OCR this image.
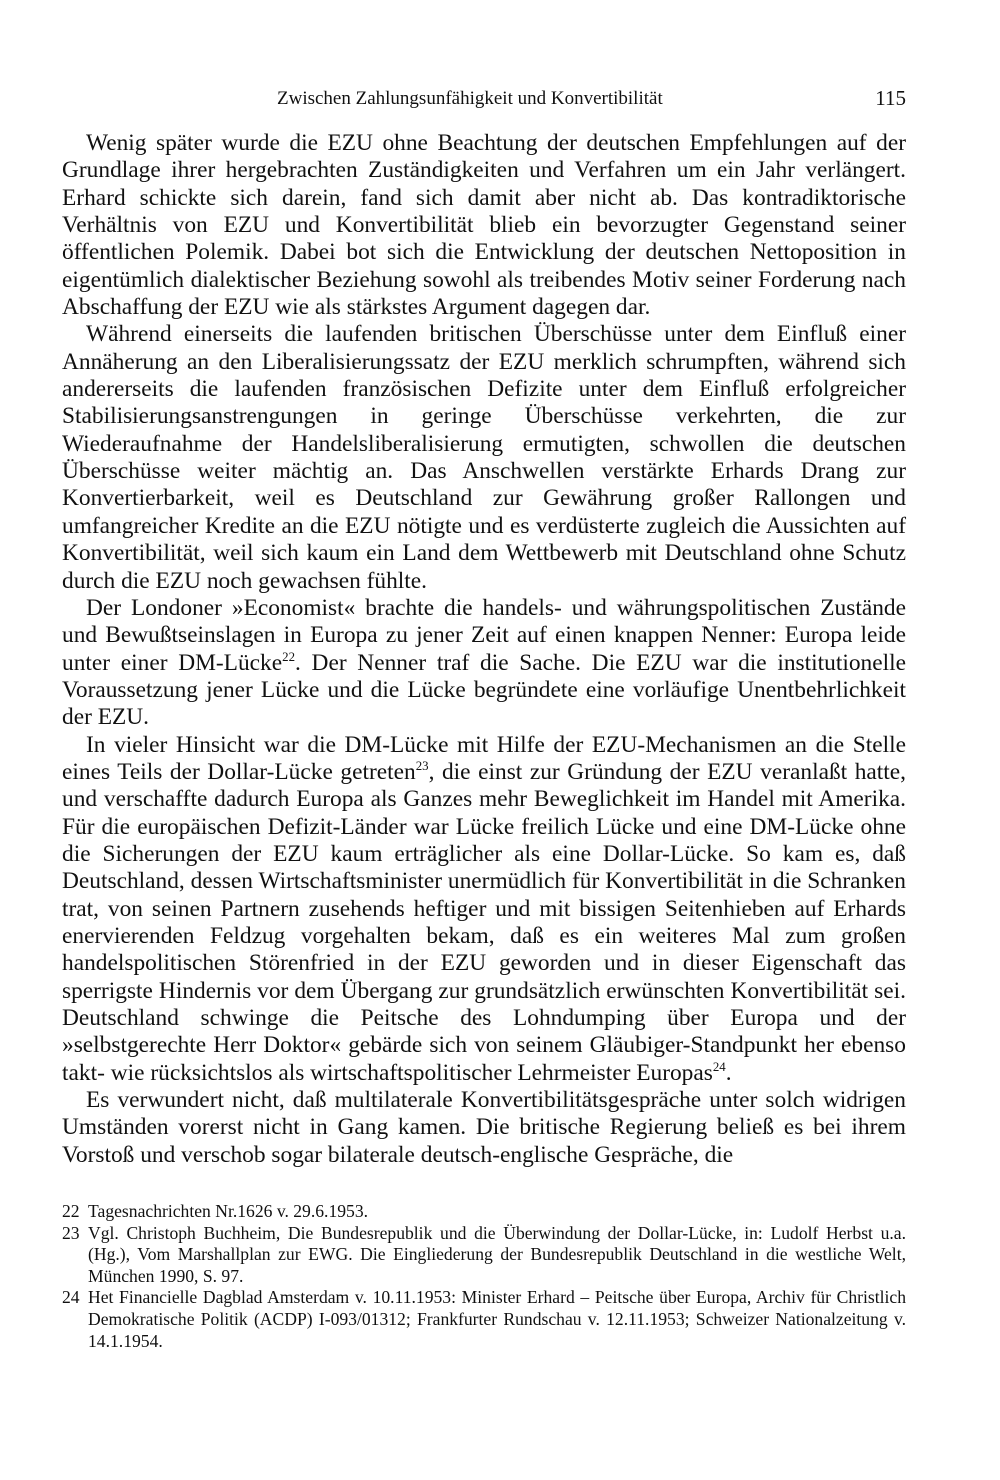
Zwischen Zahlungsunfähigkeit und Konvertibilität	115

Wenig später wurde die EZU ohne Beachtung der deutschen Empfehlungen auf der Grundlage ihrer hergebrachten Zuständigkeiten und Verfahren um ein Jahr verlängert. Erhard schickte sich darein, fand sich damit aber nicht ab. Das kontradiktorische Verhältnis von EZU und Konvertibilität blieb ein bevorzugter Gegenstand seiner öffentlichen Polemik. Dabei bot sich die Entwicklung der deutschen Nettoposition in eigentümlich dialektischer Beziehung sowohl als treibendes Motiv seiner Forderung nach Abschaffung der EZU wie als stärkstes Argument dagegen dar.

Während einerseits die laufenden britischen Überschüsse unter dem Einfluß einer Annäherung an den Liberalisierungssatz der EZU merklich schrumpften, während sich andererseits die laufenden französischen Defizite unter dem Einfluß erfolgreicher Stabilisierungsanstrengungen in geringe Überschüsse verkehrten, die zur Wiederaufnahme der Handelsliberalisierung ermutigten, schwollen die deutschen Überschüsse weiter mächtig an. Das Anschwellen verstärkte Erhards Drang zur Konvertierbarkeit, weil es Deutschland zur Gewährung großer Rallongen und umfangreicher Kredite an die EZU nötigte und es verdüsterte zugleich die Aussichten auf Konvertibilität, weil sich kaum ein Land dem Wettbewerb mit Deutschland ohne Schutz durch die EZU noch gewachsen fühlte.

Der Londoner »Economist« brachte die handels- und währungspolitischen Zustände und Bewußtseinslagen in Europa zu jener Zeit auf einen knappen Nenner: Europa leide unter einer DM-Lücke$^{22}$. Der Nenner traf die Sache. Die EZU war die institutionelle Voraussetzung jener Lücke und die Lücke begründete eine vorläufige Unentbehrlichkeit der EZU.

In vieler Hinsicht war die DM-Lücke mit Hilfe der EZU-Mechanismen an die Stelle eines Teils der Dollar-Lücke getreten$^{23}$, die einst zur Gründung der EZU veranlaßt hatte, und verschaffte dadurch Europa als Ganzes mehr Beweglichkeit im Handel mit Amerika. Für die europäischen Defizit-Länder war Lücke freilich Lücke und eine DM-Lücke ohne die Sicherungen der EZU kaum erträglicher als eine Dollar-Lücke. So kam es, daß Deutschland, dessen Wirtschaftsminister unermüdlich für Konvertibilität in die Schranken trat, von seinen Partnern zusehends heftiger und mit bissigen Seitenhieben auf Erhards enervierenden Feldzug vorgehalten bekam, daß es ein weiteres Mal zum großen handelspolitischen Störenfried in der EZU geworden und in dieser Eigenschaft das sperrigste Hindernis vor dem Übergang zur grundsätzlich erwünschten Konvertibilität sei. Deutschland schwinge die Peitsche des Lohndumping über Europa und der »selbstgerechte Herr Doktor« gebärde sich von seinem Gläubiger-Standpunkt her ebenso takt- wie rücksichtslos als wirtschaftspolitischer Lehrmeister Europas$^{24}$.

Es verwundert nicht, daß multilaterale Konvertibilitätsgespräche unter solch widrigen Umständen vorerst nicht in Gang kamen. Die britische Regierung beließ es bei ihrem Vorstoß und verschob sogar bilaterale deutsch-englische Gespräche, die

22 Tagesnachrichten Nr.1626 v. 29.6.1953.

23 Vgl. Christoph Buchheim, Die Bundesrepublik und die Überwindung der Dollar-Lücke, in: Ludolf Herbst u.a. (Hg.), Vom Marshallplan zur EWG. Die Eingliederung der Bundesrepublik Deutschland in die westliche Welt, München 1990, S. 97.

24 Het Financielle Dagblad Amsterdam v. 10.11.1953: Minister Erhard – Peitsche über Europa, Archiv für Christlich Demokratische Politik (ACDP) I-093/01312; Frankfurter Rundschau v. 12.11.1953; Schweizer Nationalzeitung v. 14.1.1954.
